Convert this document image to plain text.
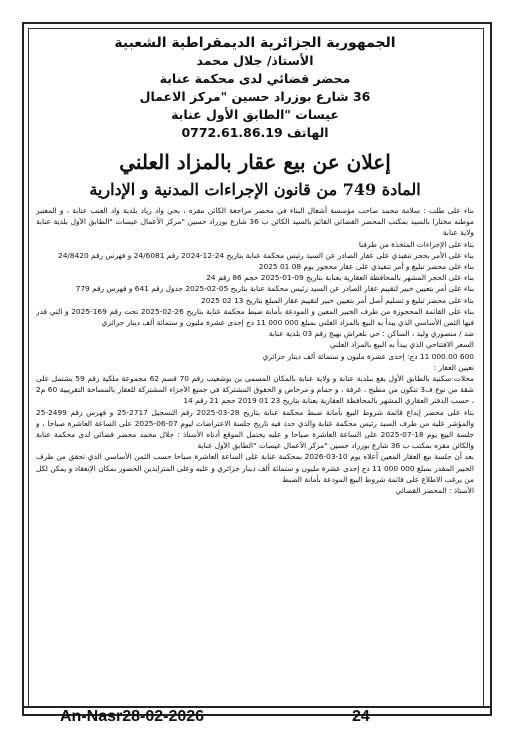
الجمهورية الجزائرية الديمقراطية الشعبية
الأستاذ/ جلال محمد
محضر قضائي لدى محكمة عنابة
36 شارع بوزراد حسين "مركز الاعمال
عيسات "الطابق الأول عنابة
الهاتف 0772.61.86.19
إعلان عن بيع عقار بالمزاد العلني
المادة 749 من قانون الإجراءات المدنية و الإدارية

بناء على طلب : سلامة محمد صاحب مؤسسة أشغال البناء في محضر مراجعة الكائن مقره ، بحي واد زياد بلدية واد العنب عنابة ، و المعتبر موطنه مختارا بالسيد بمكتب المحضر القضائي القائم بالسيد الكائن ب 36 شارع بوزراد حسين "مركز الأعمال عيسات "الطابق الأول بلدية عنابة ولاية عنابة

بناء على الإجراءات المتخذة من طرفنا

بناء على الأمر بحجز تنفيذي على عقار الصادر عن السيد رئيس محكمة عنابة بتاريخ 24-12-2024 رقم 24/6081 و فهرس رقم 24/8420

بناء على محضر تبليغ و أمر تنفيذي على عقار محجوز يوم 08 01 2025

بناء على الحجز المشهر بالمحافظة العقارية بعنابة بتاريخ 09-01-2025 حجم 86 رقم 24

بناء على أمر بتعيين خبير لتقييم عقار الصادر عن السيد رئيس محكمة عنابة بتاريخ 05-02-2025 جدول رقم 641 و فهرس رقم 779

بناء على محضر تبليغ و تسليم أصل أمر بتعيين خبير لتقييم عقار المبلغ بتاريخ 13 02 2025

بناء على القائمة المحجوزة من طرف الخبير المعين و المودعة بأمانة ضبط محكمة عنابة بتاريخ 26-02-2025 تحت رقم 169-2025 و التي قدر فيها الثمن الأساسي الذي يبدأ به البيع بالمزاد العلني بمبلغ 000 000 11 دج إحدى عشرة مليون و ستمائة ألف دينار جزائري

ضد / منصوري وليد ، الساكن : حي بلعراش بهيج رقم 03 بلدية عنابة

السعر الافتتاحي الذي يبدأ به البيع بالمزاد العلني

600 000.00 11 دج: إحدى عشرة مليون و ستمائة ألف دينار جزائري

تعيين العقار :

محلات سكنية بالطابق الأول يقع ببلدية عنابة و ولاية عنابة بالمكان المسمى بن بوشعيب رقم 70 قسم 62 مجموعة ملكية رقم 59 يشتمل على شقة من نوع ف3 تتكون من مطبخ ، غرفة ، و حمام و مرحاض و الحقوق المشتركة في جميع الأجزاء المشتركة للعقار بالمساحة التقريبية 60 م2 ، حسب الدفتر العقاري المشهر بالمحافظة العقارية بعنابة بتاريخ 23 01 2019 حجم 21 رقم 14

بناء على محضر إيداع قائمة شروط البيع بأمانة ضبط محكمة عنابة بتاريخ 28-03-2025 رقم التسجيل 2717-25 و فهرس رقم 2499-25 والمؤشر عليه من طرف السيد رئيس محكمة عنابة والذي حدد فيه تاريخ جلسة الاعتراضات ليوم 07-06-2025 على الساعة العاشرة صباحا ، و جلسة البيع يوم 18-07-2025 على الساعة العاشرة صباحا و عليه يحتمل الموقع أدناه الأستاذ : جلال محمد محضر قضائي لدى محكمة عنابة والكائن مقره بمكتب ب 36 شارع بوزراد حسين "مركز الأعمال عيسات "الطابق الأول عنابة

بعد أن جلسة بيع العقار المعين أعلاه يوم 10-03-2026 بمحكمة عنابة على الساعة العاشرة صباحا حسب الثمن الأساسي الذي تحقق من طرف الخبير المقدر بمبلغ 000 000 11 دج إحدى عشرة مليون و ستمائة ألف دينار جزائري و عليه وعلى المتزايدين الحضور بمكان الإنعقاد و يمكن لكل من يرغب الاطلاع على قائمة شروط البيع المودعة بأمانة الضبط

الأستاذ : المحضر القضائي

An-Nasr28-02-2026	24
